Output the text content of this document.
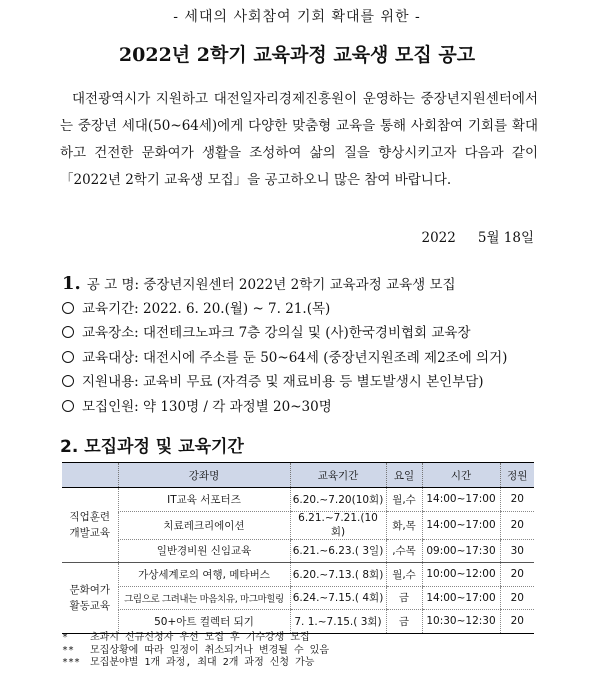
- 세대의 사회참여 기회 확대를 위한 -
2022년 2학기 교육과정 교육생 모집 공고
대전광역시가 지원하고 대전일자리경제진흥원이 운영하는 중장년지원센터에서는 중장년 세대(50~64세)에게 다양한 맞춤형 교육을 통해 사회참여 기회를 확대하고 건전한 문화여가 생활을 조성하여 삶의 질을 향상시키고자 다음과 같이 「2022년 2학기 교육생 모집」을 공고하오니 많은 참여 바랍니다.
2022 5월 18일
1. 공 고 명: 중장년지원센터 2022년 2학기 교육과정 교육생 모집
교육기간: 2022. 6. 20.(월) ~ 7. 21.(목)
교육장소: 대전테크노파크 7층 강의실 및 (사)한국경비협회 교육장
교육대상: 대전시에 주소를 둔 50~64세 (중장년지원조례 제2조에 의거)
지원내용: 교육비 무료 (자격증 및 재료비용 등 별도발생시 본인부담)
모집인원: 약 130명 / 각 과정별 20~30명
2. 모집과정 및 교육기간
	강좌명	교육기간	요일	시간	정원
직업훈련 개발교육	IT교육 서포터즈	6.20.~7.20(10회)	월,수	14:00~17:00	20
	치료레크리에이션	6.21.~7.21.(10회)	화,목	14:00~17:00	20
	일반경비원 신임교육	6.21.~6.23.( 3일)	,수목	09:00~17:30	30
문화여가 활동교육	가상세계로의 여행, 메타버스	6.20.~7.13.( 8회)	월,수	10:00~12:00	20
	그림으로 그려내는 마음치유, 마그마힐링	6.24.~7.15.( 4회)	금	14:00~17:00	20
	50+아트 컬렉터 되기	7. 1.~7.15.( 3회)	금	10:30~12:30	20
* 초과시 신규신청자 우선 모집 후 기수강생 모집
** 모집상황에 따라 일정이 취소되거나 변경될 수 있음
*** 모집분야별 1개 과정, 최대 2개 과정 신청 가능
